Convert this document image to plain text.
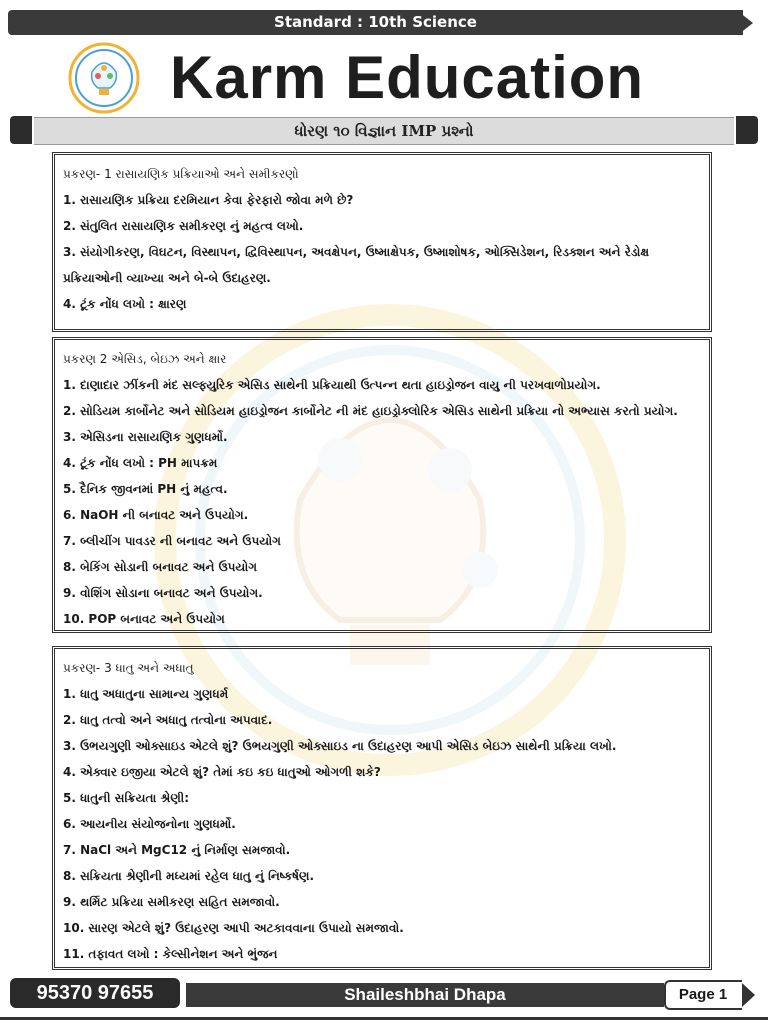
Standard : 10th Science
Karm Education
ધોરણ ૧૦ વિજ્ઞાન IMP પ્રશ્નો
પ્રકરણ- 1 રાસાયણિક પ્રક્રિયાઓ અને સમીકરણો
1. રાસાયણિક પ્રક્રિયા દરમિયાન કેવા ફેરફારો જોવા મળે છે?
2. સંતુલિત રાસાયણિક સમીકરણ નું મહત્વ લખો.
3. સંયોગીકરણ, વિઘટન, વિસ્થાપન, દ્વિવિસ્થાપન, અવક્ષેપન, ઉષ્માક્ષેપક, ઉષ્માશોષક, ઓક્સિડેશન, રિડક્શન અને રેડોક્ષ
પ્રક્રિયાઓની વ્યાખ્યા અને બે-બે ઉદાહરણ.
4. ટૂંક નોંધ લખો : ક્ષારણ
પ્રકરણ 2 એસિડ, બેઇઝ અને ક્ષાર
1. દાણાદાર ઝીંકની મંદ સલ્ફ્યુરિક એસિડ સાથેની પ્રક્રિયાથી ઉત્પન્ન થતા હાઇડ્રોજન વાયુ ની પરખવાળોપ્રયોગ.
2. સોડિયમ કાર્બોનેટ અને સોડિયમ હાઇડ્રોજન કાર્બોનેટ ની મંદ હાઇડ્રોક્લોરિક એસિડ સાથેની પ્રક્રિયા નો અભ્યાસ કરતો પ્રયોગ.
3. એસિડના રાસાયણિક ગુણધર્મો.
4. ટૂંક નોંધ લખો : PH માપક્રમ
5. દૈનિક જીવનમાં PH નું મહત્વ.
6. NaOH ની બનાવટ અને ઉપયોગ.
7. બ્લીચીંગ પાવડર ની બનાવટ અને ઉપયોગ
8. બેકિંગ સોડાની બનાવટ અને ઉપયોગ
9. વોશિંગ સોડાના બનાવટ અને ઉપયોગ.
10. POP બનાવટ અને ઉપયોગ
પ્રકરણ- 3 ધાતુ અને અધાતુ
1. ધાતુ અધાતુના સામાન્ય ગુણધર્મ
2. ધાતુ તત્વો અને અધાતુ તત્વોના અપવાદ.
3. ઉભયગુણી ઓક્સાઇડ એટલે શું? ઉભયગુણી ઓક્સાઇડ ના ઉદાહરણ આપી એસિડ બેઇઝ સાથેની પ્રક્રિયા લખો.
4. એક્વાર ઇજીયા એટલે શું? તેમાં કઇ કઇ ધાતુઓ ઓગળી શકે?
5. ધાતુની સક્રિયતા શ્રેણી:
6. આયનીય સંયોજનોના ગુણધર્મો.
7. NaCl અને MgC12 નું નિર્માણ સમજાવો.
8. સક્રિયતા શ્રેણીની મધ્યમાં રહેલ ધાતુ નું નિષ્કર્ષણ.
9. થર્મિટ પ્રક્રિયા સમીકરણ સહિત સમજાવો.
10. સારણ એટલે શું? ઉદાહરણ આપી અટકાવવાના ઉપાયો સમજાવો.
11. તફાવત લખો : કેલ્સીનેશન અને ભુંજન
95370 97655	Shaileshbhai Dhapa	Page 1
